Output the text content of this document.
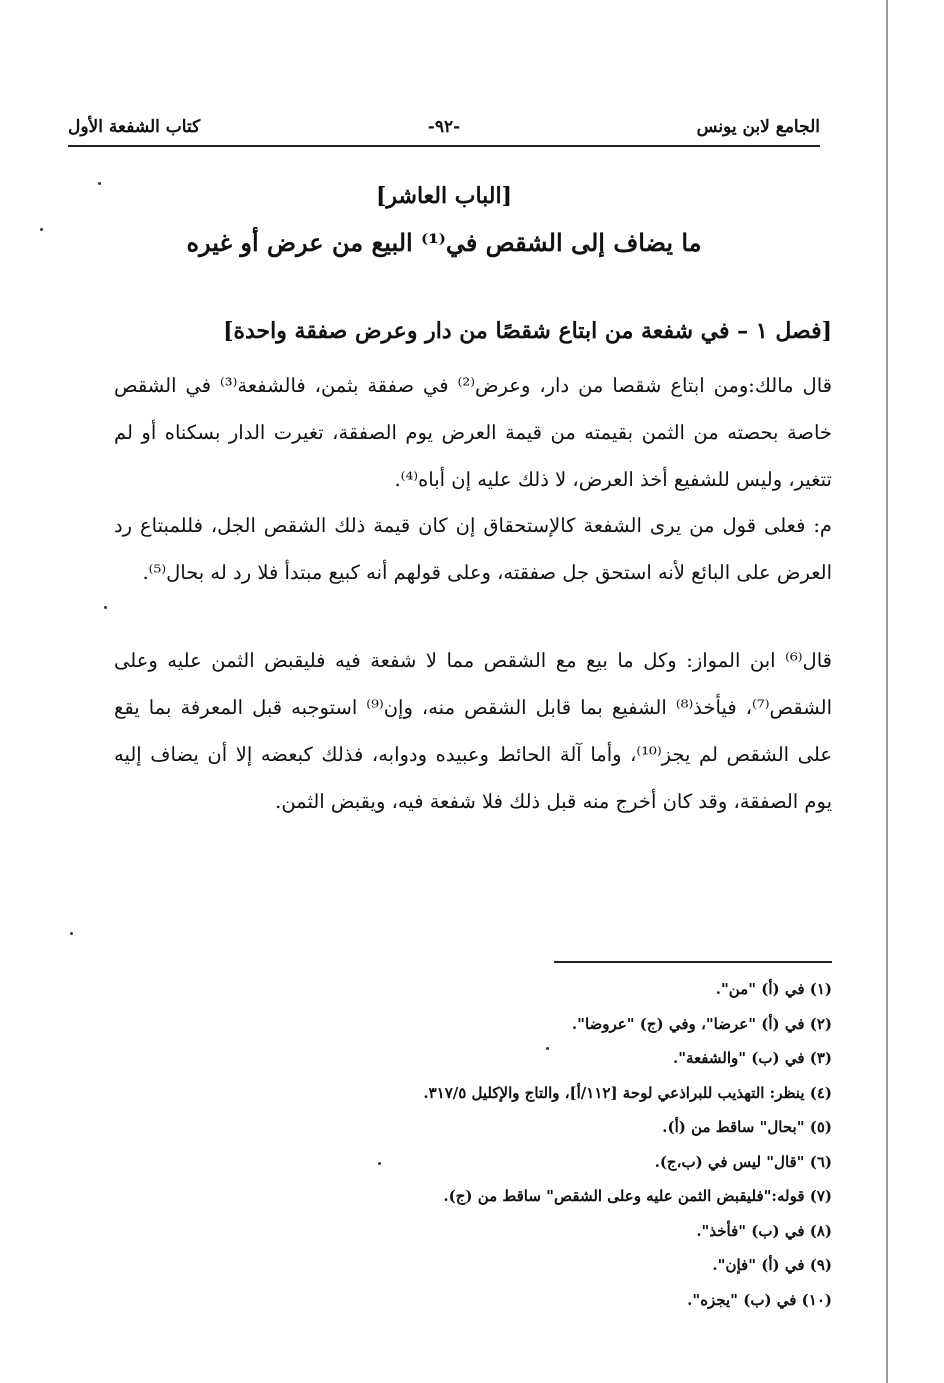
الجامع لابن يونس
-٩٢-
كتاب الشفعة الأول
[الباب العاشر]
ما يضاف إلى الشقص في⁽¹⁾ البيع من عرض أو غيره
[فصل ١ – في شفعة من ابتاع شقصًا من دار وعرض صفقة واحدة]
قال مالك:ومن ابتاع شقصا من دار، وعرض⁽²⁾ في صفقة بثمن، فالشفعة⁽³⁾ في الشقص خاصة بحصته من الثمن بقيمته من قيمة العرض يوم الصفقة، تغيرت الدار بسكناه أو لم تتغير، وليس للشفيع أخذ العرض، لا ذلك عليه إن أباه⁽⁴⁾.
م: فعلى قول من يرى الشفعة كالإستحقاق إن كان قيمة ذلك الشقص الجل، فللمبتاع رد العرض على البائع لأنه استحق جل صفقته، وعلى قولهم أنه كبيع مبتدأ فلا رد له بحال⁽⁵⁾.
قال⁽⁶⁾ ابن المواز: وكل ما بيع مع الشقص مما لا شفعة فيه فليقبض الثمن عليه وعلى الشقص⁽⁷⁾، فيأخذ⁽⁸⁾ الشفيع بما قابل الشقص منه، وإن⁽⁹⁾ استوجبه قبل المعرفة بما يقع على الشقص لم يجز⁽¹⁰⁾، وأما آلة الحائط وعبيده ودوابه، فذلك كبعضه إلا أن يضاف إليه يوم الصفقة، وقد كان أخرج منه قبل ذلك فلا شفعة فيه، ويقبض الثمن.
(١) في (أ) "من".
(٢) في (أ) "عرضا"، وفي (ج) "عروضا".
(٣) في (ب) "والشفعة".
(٤) ينظر: التهذيب للبراذعي لوحة [١١٢/أ]، والتاج والإكليل ٣١٧/٥.
(٥) "بحال" ساقط من (أ).
(٦) "قال" ليس في (ب،ج).
(٧) قوله:"فليقبض الثمن عليه وعلى الشقص" ساقط من (ج).
(٨) في (ب) "فأخذ".
(٩) في (أ) "فإن".
(١٠) في (ب) "يجزه".
